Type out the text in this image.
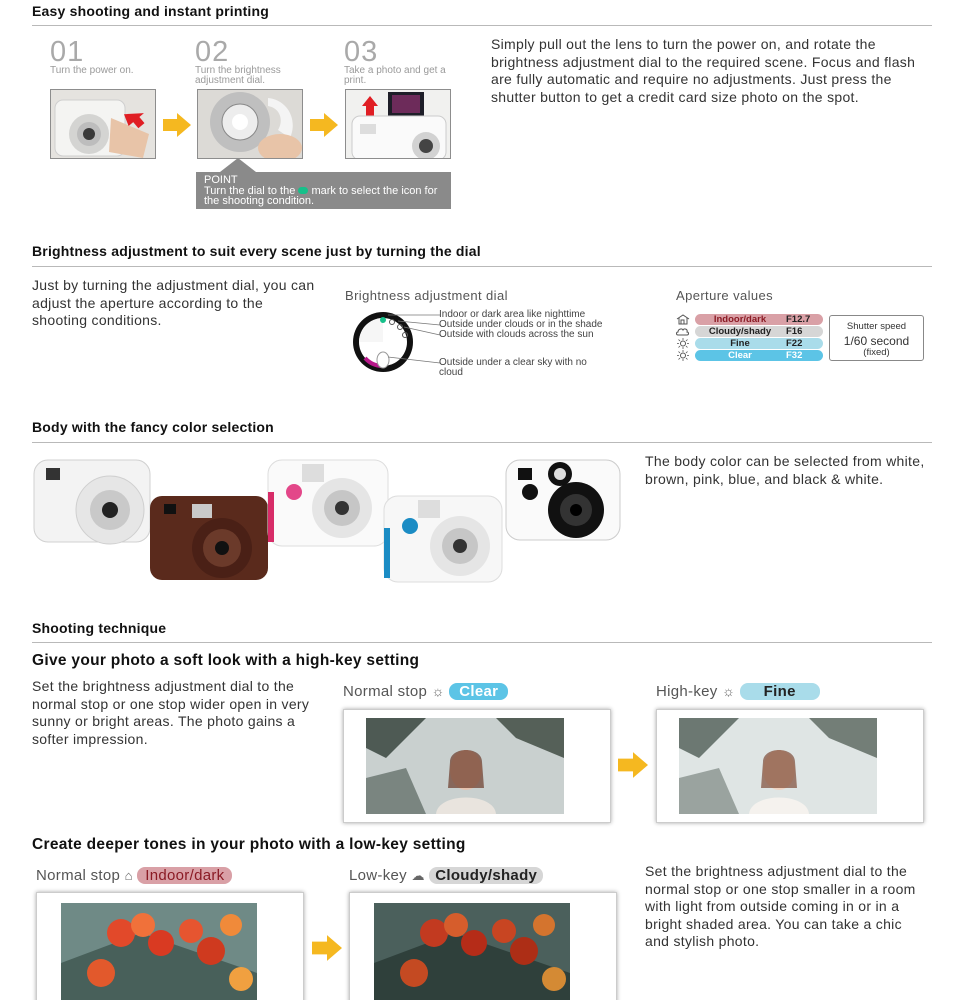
Easy shooting and instant printing
01
Turn the power on.
02
Turn the brightness adjustment dial.
POINT
Turn the dial to the mark to select the icon for the shooting condition.
03
Take a photo and get a print.
Simply pull out the lens to turn the power on, and rotate the brightness adjustment dial to the required scene. Focus and flash are fully automatic and require no adjustments. Just press the shutter button to get a credit card size photo on the spot.
Brightness adjustment to suit every scene just by turning the dial
Just by turning the adjustment dial, you can adjust the aperture according to the shooting conditions.
Brightness adjustment dial
Indoor or dark area like nighttime
Outside under clouds or in the shade
Outside with clouds across the sun
Outside under a clear sky with no cloud
Aperture values
Indoor/dark	F12.7
Cloudy/shady	F16
Fine	F22
Clear	F32
Shutter speed
1/60 second
(fixed)
Body with the fancy color selection
The body color can be selected from white, brown, pink, blue, and black & white.
Shooting technique
Give your photo a soft look with a high-key setting
Set the brightness adjustment dial to the normal stop or one stop wider open in very sunny or bright areas. The photo gains a softer impression.
Normal stop ☼ Clear	High-key ☼ Fine
Create deeper tones in your photo with a low-key setting
Normal stop ⌂ Indoor/dark	Low-key ☁ Cloudy/shady	Set the brightness adjustment dial to the normal stop or one stop smaller in a room with light from outside coming in or in a bright shaded area. You can take a chic and stylish photo.
